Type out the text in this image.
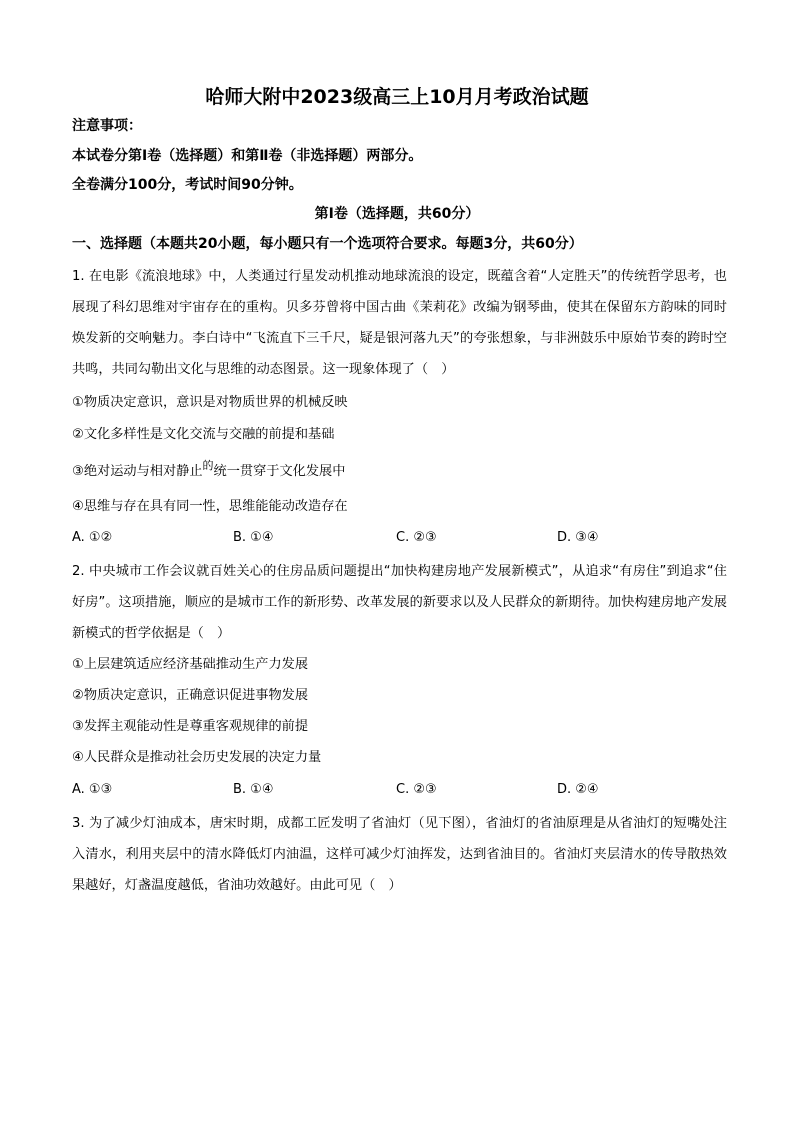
哈师大附中2023级高三上10月月考政治试题
注意事项：
本试卷分第Ⅰ卷（选择题）和第Ⅱ卷（非选择题）两部分。
全卷满分100分，考试时间90分钟。
第Ⅰ卷（选择题，共60分）
一、选择题（本题共20小题，每小题只有一个选项符合要求。每题3分，共60分）
1. 在电影《流浪地球》中，人类通过行星发动机推动地球流浪的设定，既蕴含着“人定胜天”的传统哲学思考，也展现了科幻思维对宇宙存在的重构。贝多芬曾将中国古曲《茉莉花》改编为钢琴曲，使其在保留东方韵味的同时焕发新的交响魅力。李白诗中“飞流直下三千尺，疑是银河落九天”的夸张想象，与非洲鼓乐中原始节奏的跨时空共鸣，共同勾勒出文化与思维的动态图景。这一现象体现了（　）
①物质决定意识，意识是对物质世界的机械反映
②文化多样性是文化交流与交融的前提和基础
③绝对运动与相对静止$^的$统一贯穿于文化发展中
④思维与存在具有同一性，思维能能动改造存在
A. ①②	B. ①④	C. ②③	D. ③④
2. 中央城市工作会议就百姓关心的住房品质问题提出“加快构建房地产发展新模式”，从追求“有房住”到追求“住好房”。这项措施，顺应的是城市工作的新形势、改革发展的新要求以及人民群众的新期待。加快构建房地产发展新模式的哲学依据是（　）
①上层建筑适应经济基础推动生产力发展
②物质决定意识，正确意识促进事物发展
③发挥主观能动性是尊重客观规律的前提
④人民群众是推动社会历史发展的决定力量
A. ①③	B. ①④	C. ②③	D. ②④
3. 为了减少灯油成本，唐宋时期，成都工匠发明了省油灯（见下图），省油灯的省油原理是从省油灯的短嘴处注入清水，利用夹层中的清水降低灯内油温，这样可减少灯油挥发，达到省油目的。省油灯夹层清水的传导散热效果越好，灯盏温度越低，省油功效越好。由此可见（　）
